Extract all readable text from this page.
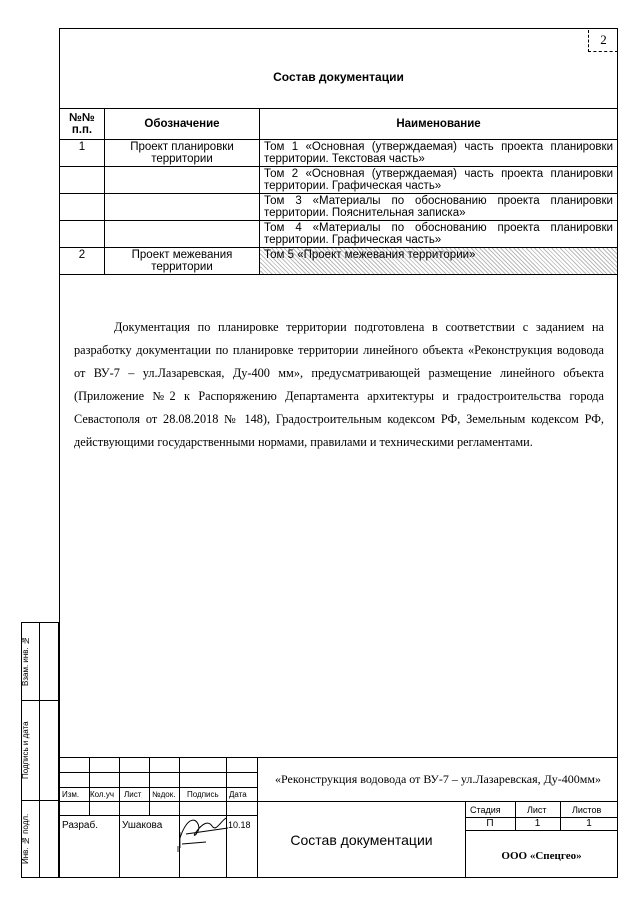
2
Состав документации
№№ п.п.	Обозначение	Наименование
1	Проект планировки территории	Том 1 «Основная (утверждаемая) часть проекта планировки территории. Текстовая часть»
		Том 2 «Основная (утверждаемая) часть проекта планировки территории. Графическая часть»
		Том 3 «Материалы по обоснованию проекта планировки территории. Пояснительная записка»
		Том 4 «Материалы по обоснованию проекта планировки территории. Графическая часть»
2	Проект межевания территории	Том 5 «Проект межевания территории»

Документация по планировке территории подготовлена в соответствии с заданием на разработку документации по планировке территории линейного объекта «Реконструкция водовода от ВУ-7 – ул.Лазаревская, Ду-400 мм», предусматривающей размещение линейного объекта (Приложение №2 к Распоряжению Департамента архитектуры и градостроительства города Севастополя от 28.08.2018 № 148), Градостроительным кодексом РФ, Земельным кодексом РФ, действующими государственными нормами, правилами и техническими регламентами.

Взам. инв. №
Подпись и дата
Инв. № подл.
Изм. Кол.уч Лист №док. Подпись Дата
Разраб. Ушакова	10.18
«Реконструкция водовода от ВУ-7 – ул.Лазаревская, Ду-400мм»
Состав документации
Стадия	Лист	Листов
П	1	1
ООО «Спецгео»
